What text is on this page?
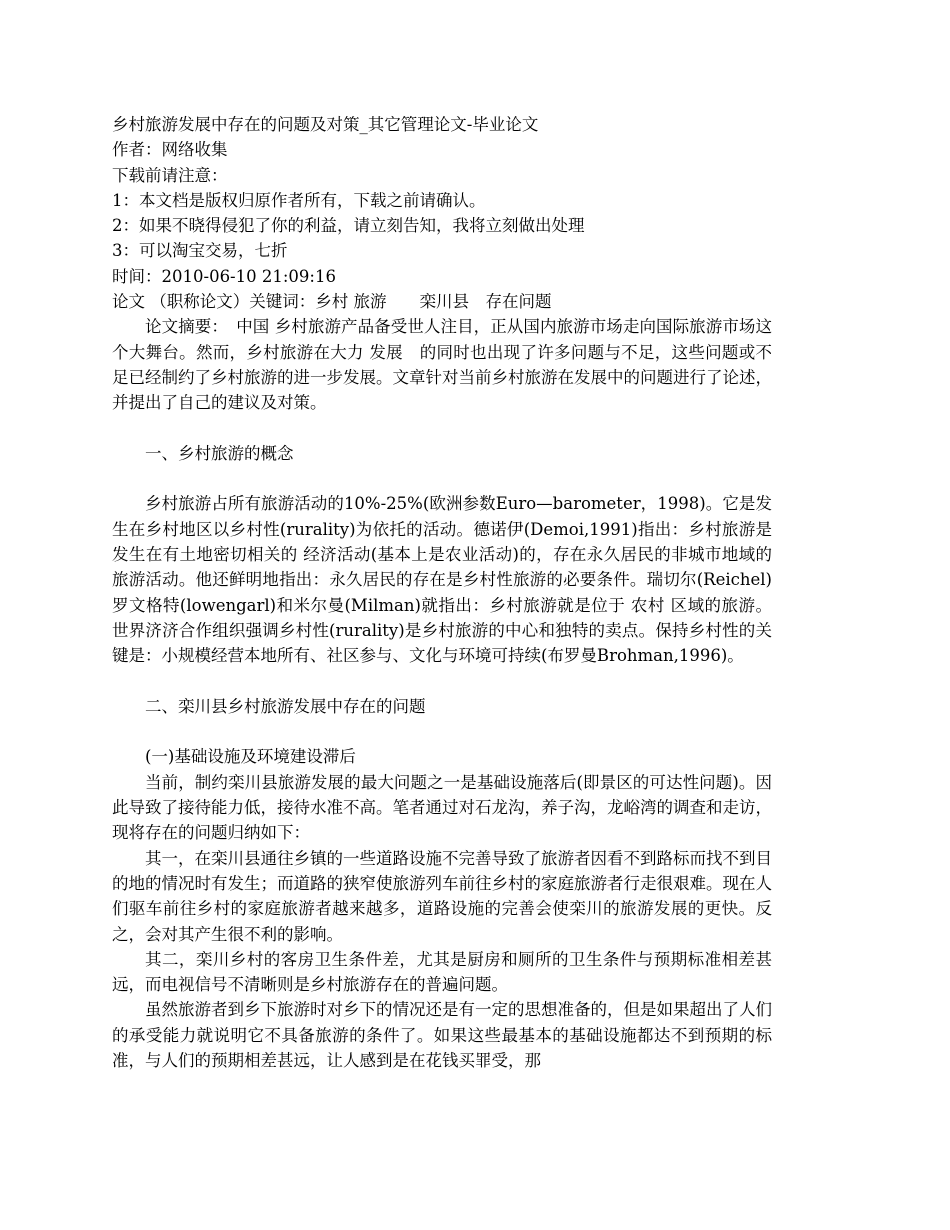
乡村旅游发展中存在的问题及对策_其它管理论文-毕业论文
作者：网络收集
下载前请注意：
1：本文档是版权归原作者所有，下载之前请确认。
2：如果不晓得侵犯了你的利益，请立刻告知，我将立刻做出处理
3：可以淘宝交易，七折
时间：2010-06-10 21:09:16
论文 （职称论文）关键词：乡村 旅游　　栾川县　存在问题

论文摘要：　中国 乡村旅游产品备受世人注目，正从国内旅游市场走向国际旅游市场这个大舞台。然而，乡村旅游在大力 发展　的同时也出现了许多问题与不足，这些问题或不足已经制约了乡村旅游的进一步发展。文章针对当前乡村旅游在发展中的问题进行了论述，并提出了自己的建议及对策。

一、乡村旅游的概念

乡村旅游占所有旅游活动的10%-25%(欧洲参数Euro—barometer，1998)。它是发生在乡村地区以乡村性(rurality)为依托的活动。德诺伊(Demoi,1991)指出：乡村旅游是发生在有土地密切相关的 经济活动(基本上是农业活动)的，存在永久居民的非城市地域的旅游活动。他还鲜明地指出：永久居民的存在是乡村性旅游的必要条件。瑞切尔(Reichel)罗文格特(lowengarl)和米尔曼(Milman)就指出：乡村旅游就是位于 农村 区域的旅游。世界济济合作组织强调乡村性(rurality)是乡村旅游的中心和独特的卖点。保持乡村性的关键是：小规模经营本地所有、社区参与、文化与环境可持续(布罗曼Brohman,1996)。

二、栾川县乡村旅游发展中存在的问题

(一)基础设施及环境建设滞后

当前，制约栾川县旅游发展的最大问题之一是基础设施落后(即景区的可达性问题)。因此导致了接待能力低，接待水准不高。笔者通过对石龙沟，养子沟，龙峪湾的调查和走访，现将存在的问题归纳如下：

其一，在栾川县通往乡镇的一些道路设施不完善导致了旅游者因看不到路标而找不到目的地的情况时有发生；而道路的狭窄使旅游列车前往乡村的家庭旅游者行走很艰难。现在人们驱车前往乡村的家庭旅游者越来越多，道路设施的完善会使栾川的旅游发展的更快。反之，会对其产生很不利的影响。

其二，栾川乡村的客房卫生条件差，尤其是厨房和厕所的卫生条件与预期标准相差甚远，而电视信号不清晰则是乡村旅游存在的普遍问题。

虽然旅游者到乡下旅游时对乡下的情况还是有一定的思想准备的，但是如果超出了人们的承受能力就说明它不具备旅游的条件了。如果这些最基本的基础设施都达不到预期的标准，与人们的预期相差甚远，让人感到是在花钱买罪受，那
